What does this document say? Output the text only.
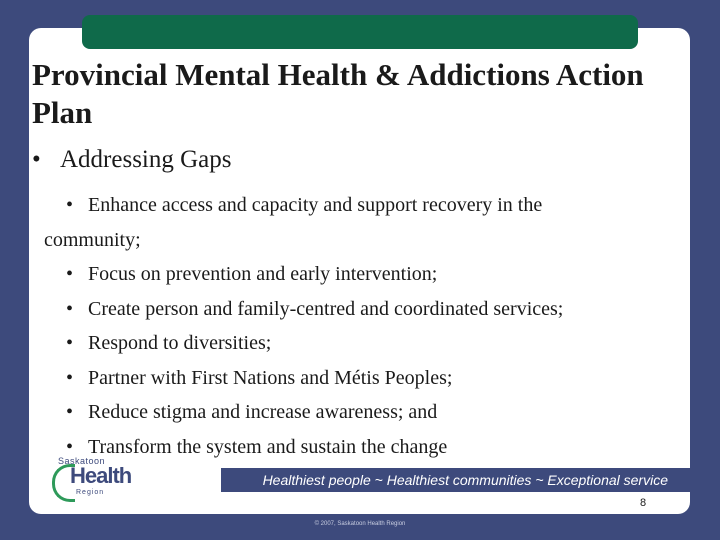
Provincial Mental Health & Addictions Action Plan
• Addressing Gaps
• Enhance access and capacity and support recovery in the
community;
• Focus on prevention and early intervention;
• Create person and family-centred and coordinated services;
• Respond to diversities;
• Partner with First Nations and Métis Peoples;
• Reduce stigma and increase awareness; and
• Transform the system and sustain the change
Saskatoon
Health
Region
Healthiest people ~ Healthiest communities ~ Exceptional service
8
© 2007, Saskatoon Health Region
